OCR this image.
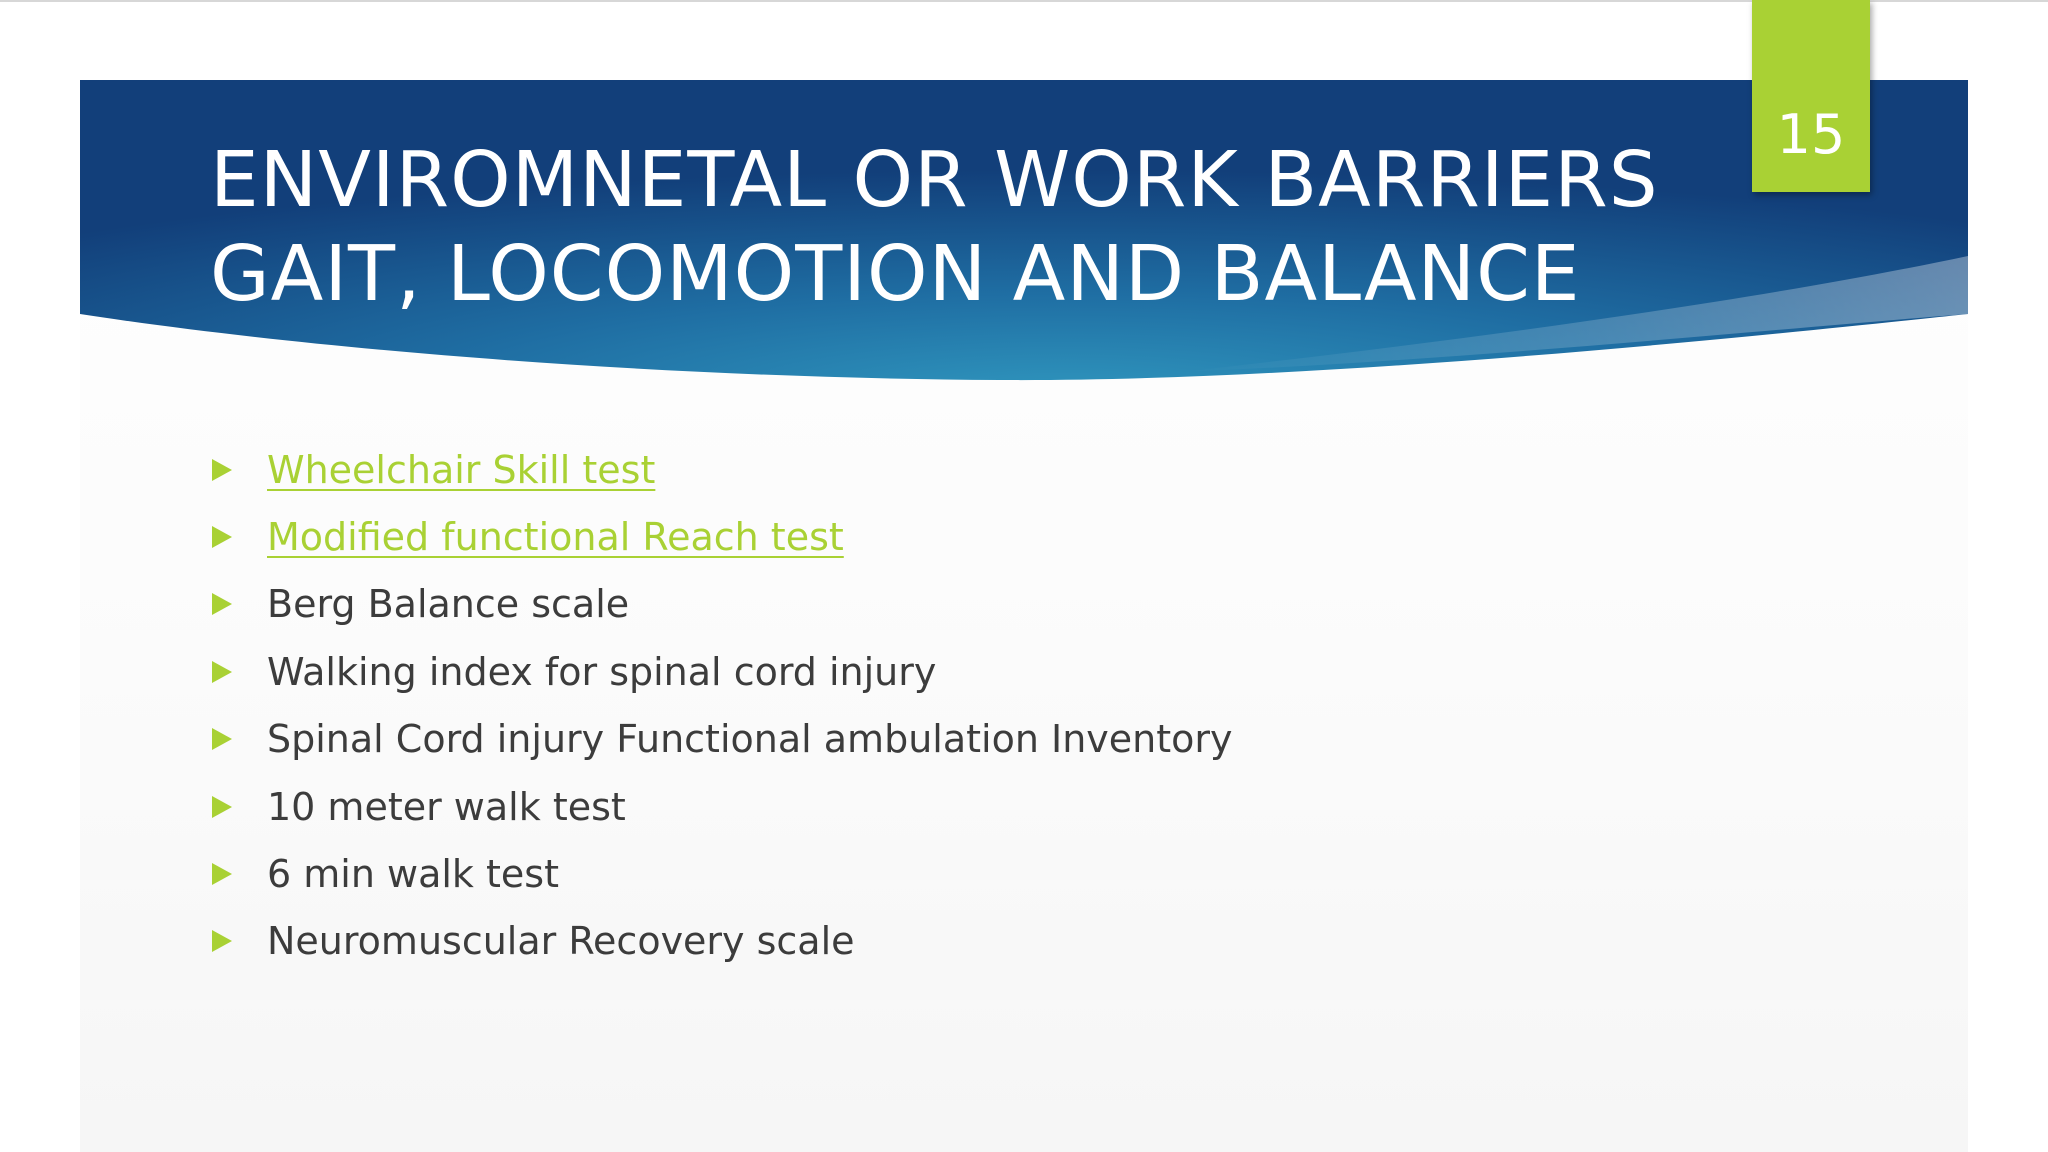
15
ENVIROMNETAL OR WORK BARRIERS
GAIT, LOCOMOTION AND BALANCE
Wheelchair Skill test
Modified functional Reach test
Berg Balance scale
Walking index for spinal cord injury
Spinal Cord injury Functional ambulation Inventory
10 meter walk test
6 min walk test
Neuromuscular Recovery scale
